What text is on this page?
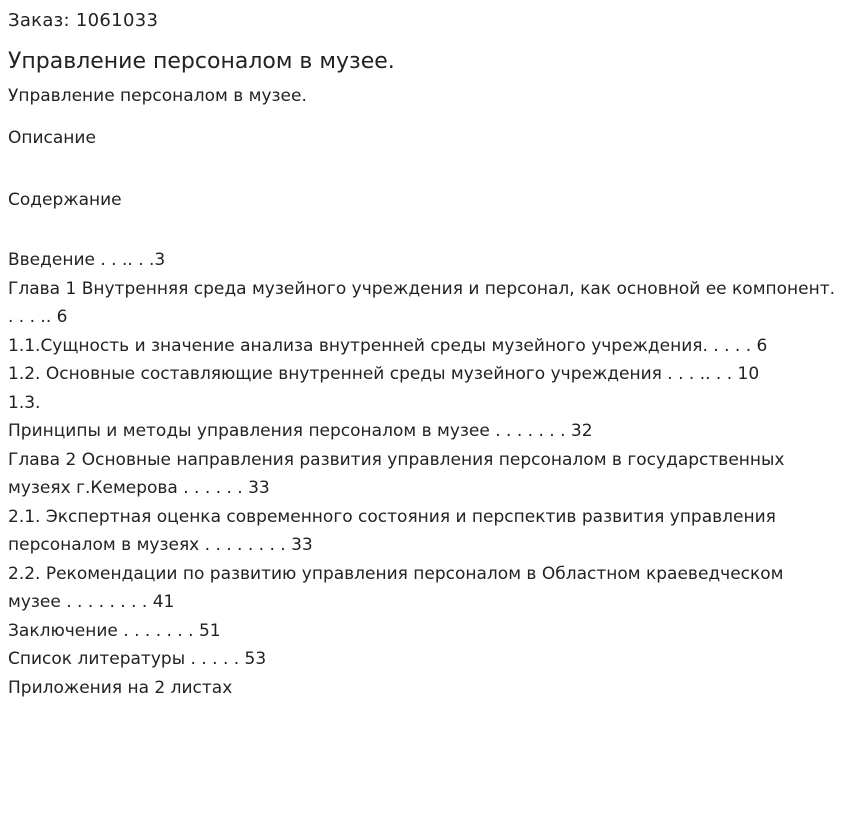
Заказ: 1061033
Управление персоналом в музее.
Управление персоналом в музее.
Описание
Содержание
Введение . . .. . .3
Глава 1 Внутренняя среда музейного учреждения и персонал, как основной ее компонент. . . . .. 6
1.1.Сущность и значение анализа внутренней среды музейного учреждения. . . . . 6
1.2. Основные составляющие внутренней среды музейного учреждения . . . .. . . 10
1.3.
Принципы и методы управления персоналом в музее . . . . . . . 32
Глава 2 Основные направления развития управления персоналом в государственных музеях г.Кемерова . . . . . . 33
2.1. Экспертная оценка современного состояния и перспектив развития управления персоналом в музеях . . . . . . . . 33
2.2. Рекомендации по развитию управления персоналом в Областном краеведческом музее . . . . . . . . 41
Заключение . . . . . . . 51
Список литературы . . . . . 53
Приложения на 2 листах
